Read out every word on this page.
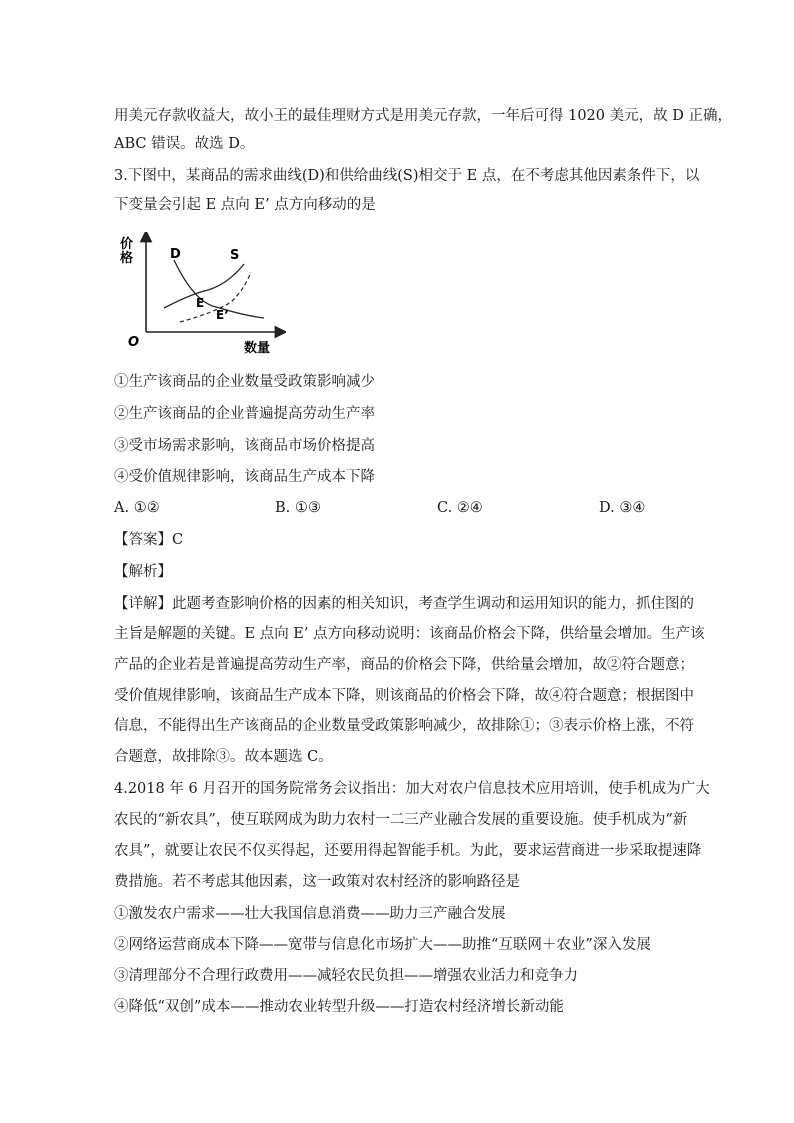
用美元存款收益大，故小王的最佳理财方式是用美元存款，一年后可得 1020 美元，故 D 正确，
ABC 错误。故选 D。
3.下图中，某商品的需求曲线(D)和供给曲线(S)相交于 E 点，在不考虑其他因素条件下，以
下变量会引起 E 点向 E’ 点方向移动的是
价
格
数量
O
D	S
E
E’
①生产该商品的企业数量受政策影响减少
②生产该商品的企业普遍提高劳动生产率
③受市场需求影响，该商品市场价格提高
④受价值规律影响，该商品生产成本下降
A. ①②	B. ①③	C. ②④	D. ③④
【答案】C
【解析】
【详解】此题考查影响价格的因素的相关知识，考查学生调动和运用知识的能力，抓住图的
主旨是解题的关键。E 点向 E’ 点方向移动说明：该商品价格会下降，供给量会增加。生产该
产品的企业若是普遍提高劳动生产率，商品的价格会下降，供给量会增加，故②符合题意；
受价值规律影响，该商品生产成本下降，则该商品的价格会下降，故④符合题意；根据图中
信息，不能得出生产该商品的企业数量受政策影响减少，故排除①；③表示价格上涨，不符
合题意，故排除③。故本题选 C。
4.2018 年 6 月召开的国务院常务会议指出：加大对农户信息技术应用培训，使手机成为广大
农民的“新农具”，使互联网成为助力农村一二三产业融合发展的重要设施。使手机成为“新
农具”，就要让农民不仅买得起，还要用得起智能手机。为此，要求运营商进一步采取提速降
费措施。若不考虑其他因素，这一政策对农村经济的影响路径是
①激发农户需求——壮大我国信息消费——助力三产融合发展
②网络运营商成本下降——宽带与信息化市场扩大——助推“互联网＋农业”深入发展
③清理部分不合理行政费用——减轻农民负担——增强农业活力和竞争力
④降低“双创”成本——推动农业转型升级——打造农村经济增长新动能
